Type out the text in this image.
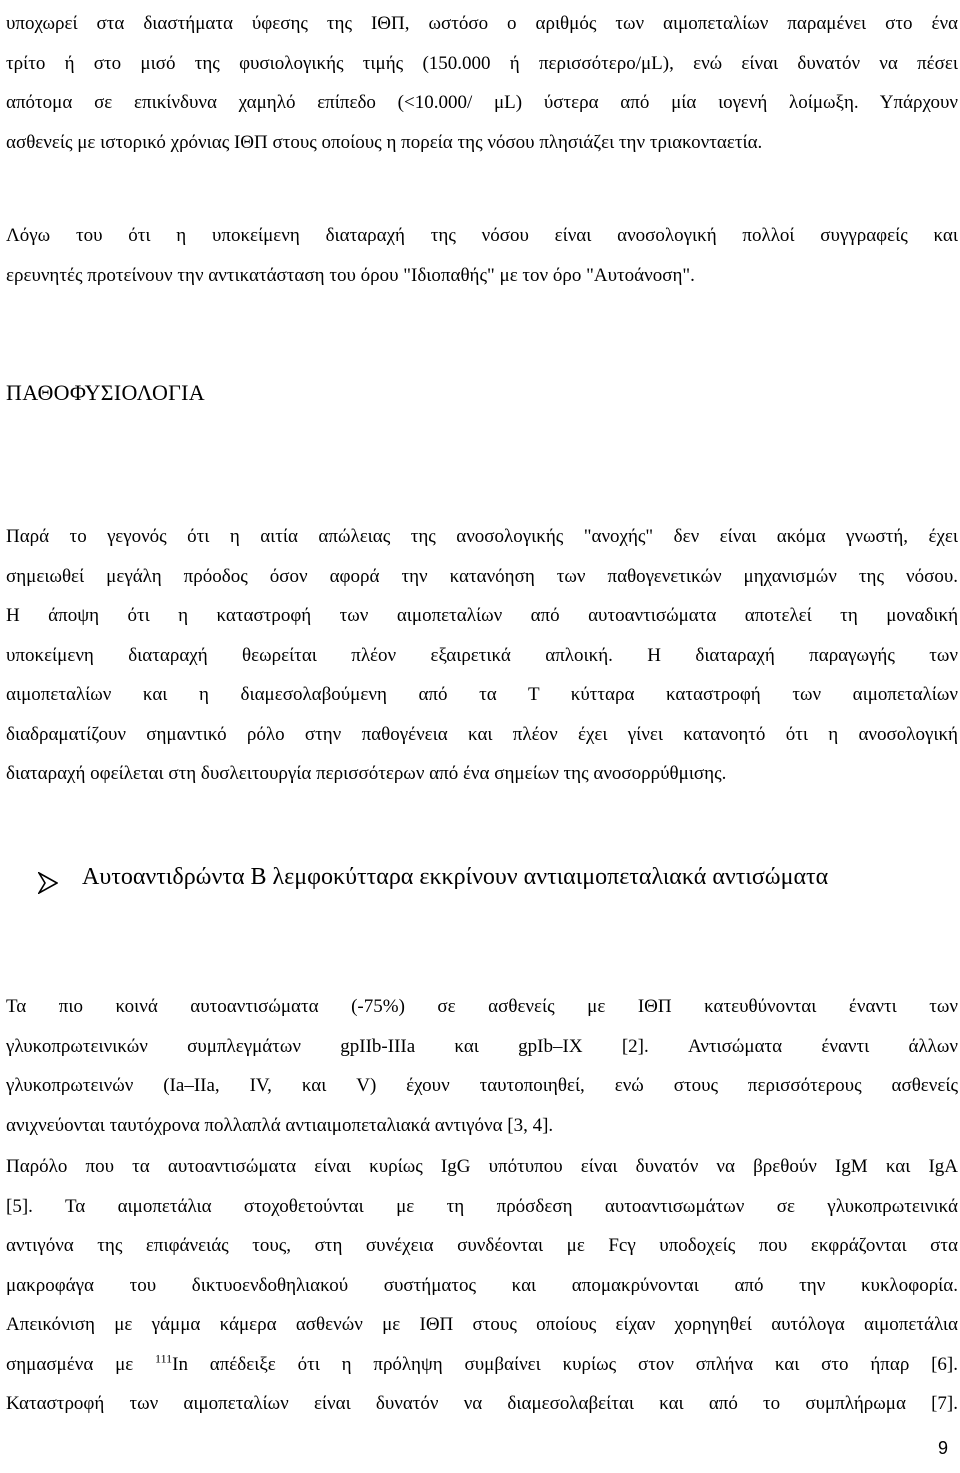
υποχωρεί στα διαστήματα ύφεσης της ΙΘΠ, ωστόσο ο αριθμός των αιμοπεταλίων παραμένει στο ένα
τρίτο ή στο μισό της φυσιολογικής τιμής (150.000 ή περισσότερο/μL), ενώ είναι δυνατόν να πέσει
απότομα σε επικίνδυνα χαμηλό επίπεδο (<10.000/ μL) ύστερα από μία ιογενή λοίμωξη. Υπάρχουν
ασθενείς με ιστορικό χρόνιας ΙΘΠ στους οποίους η πορεία της νόσου πλησιάζει την τριακονταετία.

Λόγω του ότι η υποκείμενη διαταραχή της νόσου είναι ανοσολογική πολλοί συγγραφείς και
ερευνητές προτείνουν την αντικατάσταση του όρου "Ιδιοπαθής" με τον όρο "Αυτοάνοση".

ΠΑΘΟΦΥΣΙΟΛΟΓΙΑ

Παρά το γεγονός ότι η αιτία απώλειας της ανοσολογικής "ανοχής" δεν είναι ακόμα γνωστή, έχει
σημειωθεί μεγάλη πρόοδος όσον αφορά την κατανόηση των παθογενετικών μηχανισμών της νόσου.
Η άποψη ότι η καταστροφή των αιμοπεταλίων από αυτοαντισώματα αποτελεί τη μοναδική
υποκείμενη διαταραχή θεωρείται πλέον εξαιρετικά απλοική. Η διαταραχή παραγωγής των
αιμοπεταλίων και η διαμεσολαβούμενη από τα Τ κύτταρα καταστροφή των αιμοπεταλίων
διαδραματίζουν σημαντικό ρόλο στην παθογένεια και πλέον έχει γίνει κατανοητό ότι η ανοσολογική
διαταραχή οφείλεται στη δυσλειτουργία περισσότερων από ένα σημείων της ανοσορρύθμισης.

Αυτοαντιδρώντα Β λεμφοκύτταρα εκκρίνουν αντιαιμοπεταλιακά αντισώματα

Τα πιο κοινά αυτοαντισώματα (-75%) σε ασθενείς με ΙΘΠ κατευθύνονται έναντι των
γλυκοπρωτεινικών συμπλεγμάτων gpIIb-IIIa και gpIb–IX [2]. Αντισώματα έναντι άλλων
γλυκοπρωτεινών (Ia–IIa, IV, και V) έχουν ταυτοποιηθεί, ενώ στους περισσότερους ασθενείς
ανιχνεύονται ταυτόχρονα πολλαπλά αντιαιμοπεταλιακά αντιγόνα [3, 4].

Παρόλο που τα αυτοαντισώματα είναι κυρίως IgG υπότυπου είναι δυνατόν να βρεθούν IgM και IgA
[5]. Τα αιμοπετάλια στοχοθετούνται με τη πρόσδεση αυτοαντισωμάτων σε γλυκοπρωτεινικά
αντιγόνα της επιφάνειάς τους, στη συνέχεια συνδέονται με Fcγ υποδοχείς που εκφράζονται στα
μακροφάγα του δικτυοενδοθηλιακού συστήματος και απομακρύνονται από την κυκλοφορία.
Απεικόνιση με γάμμα κάμερα ασθενών με ΙΘΠ στους οποίους είχαν χορηγηθεί αυτόλογα αιμοπετάλια
σημασμένα με $^{111}$In απέδειξε ότι η πρόληψη συμβαίνει κυρίως στον σπλήνα και στο ήπαρ [6].
Καταστροφή των αιμοπεταλίων είναι δυνατόν να διαμεσολαβείται και από το συμπλήρωμα [7].

9
